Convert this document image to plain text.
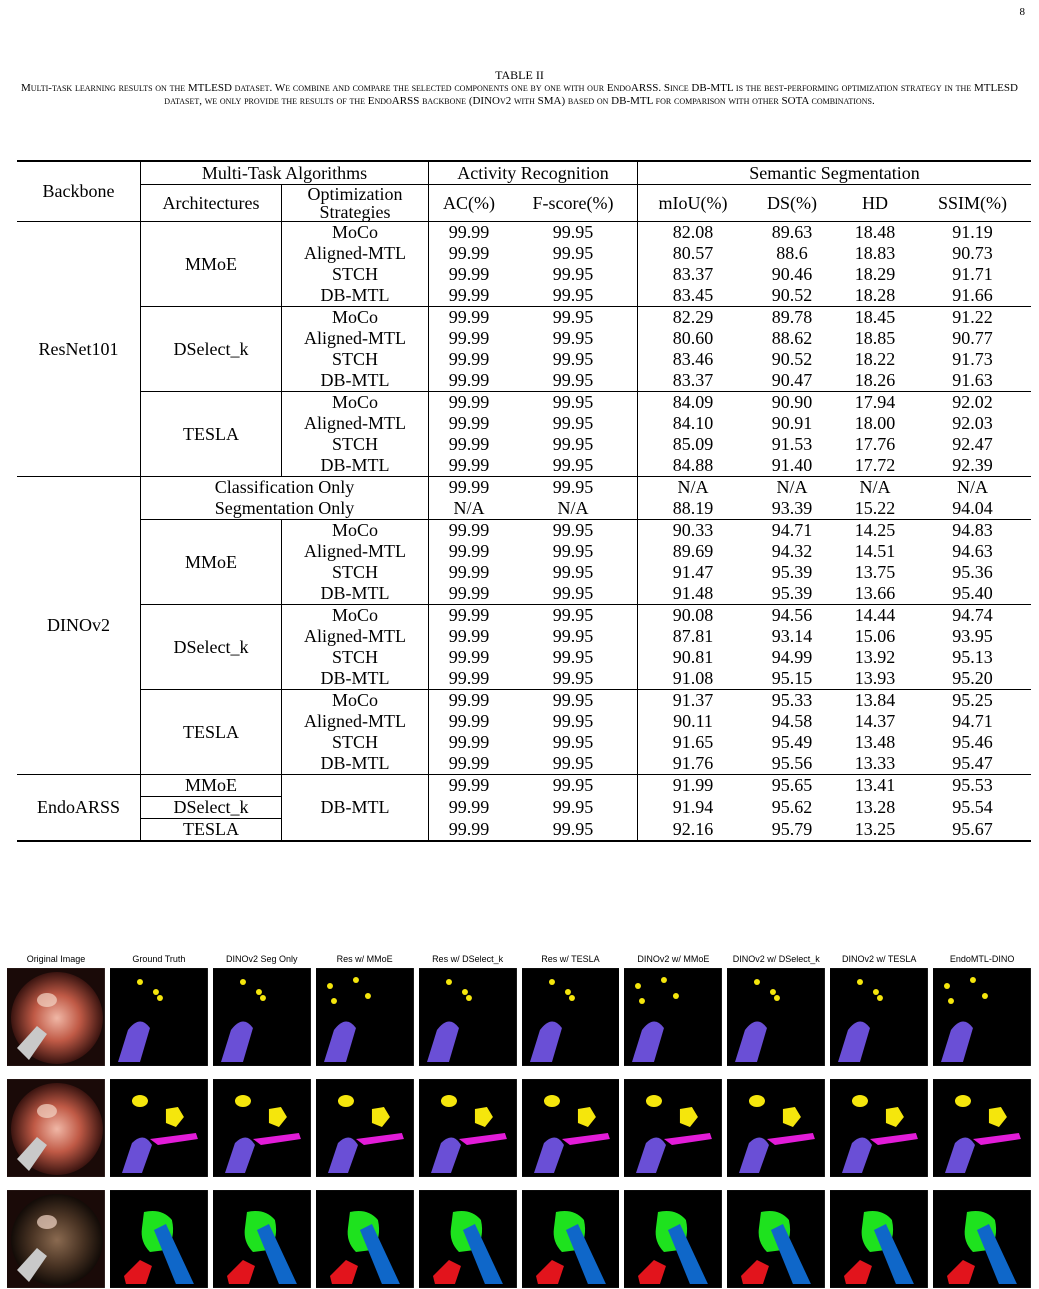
8
TABLE II
Multi-task learning results on the MTLESD dataset. We combine and compare the selected components one by one with our EndoARSS. Since DB-MTL is the best-performing optimization strategy in the MTLESD dataset, we only provide the results of the EndoARSS backbone (DINOv2 with SMA) based on DB-MTL for comparison with other SOTA combinations.
Backbone	Multi-Task Algorithms		Activity Recognition		Semantic Segmentation			
	Architectures	Optimization Strategies	AC(%)	F-score(%)	mIoU(%)	DS(%)	HD	SSIM(%)
ResNet101	MMoE	MoCo	99.99	99.95	82.08	89.63	18.48	91.19
		Aligned-MTL	99.99	99.95	80.57	88.6	18.83	90.73
		STCH	99.99	99.95	83.37	90.46	18.29	91.71
		DB-MTL	99.99	99.95	83.45	90.52	18.28	91.66
	DSelect_k	MoCo	99.99	99.95	82.29	89.78	18.45	91.22
		Aligned-MTL	99.99	99.95	80.60	88.62	18.85	90.77
		STCH	99.99	99.95	83.46	90.52	18.22	91.73
		DB-MTL	99.99	99.95	83.37	90.47	18.26	91.63
	TESLA	MoCo	99.99	99.95	84.09	90.90	17.94	92.02
		Aligned-MTL	99.99	99.95	84.10	90.91	18.00	92.03
		STCH	99.99	99.95	85.09	91.53	17.76	92.47
		DB-MTL	99.99	99.95	84.88	91.40	17.72	92.39
DINOv2	Classification Only		99.99	99.95	N/A	N/A	N/A	N/A
	Segmentation Only		N/A	N/A	88.19	93.39	15.22	94.04
	MMoE	MoCo	99.99	99.95	90.33	94.71	14.25	94.83
		Aligned-MTL	99.99	99.95	89.69	94.32	14.51	94.63
		STCH	99.99	99.95	91.47	95.39	13.75	95.36
		DB-MTL	99.99	99.95	91.48	95.39	13.66	95.40
	DSelect_k	MoCo	99.99	99.95	90.08	94.56	14.44	94.74
		Aligned-MTL	99.99	99.95	87.81	93.14	15.06	93.95
		STCH	99.99	99.95	90.81	94.99	13.92	95.13
		DB-MTL	99.99	99.95	91.08	95.15	13.93	95.20
	TESLA	MoCo	99.99	99.95	91.37	95.33	13.84	95.25
		Aligned-MTL	99.99	99.95	90.11	94.58	14.37	94.71
		STCH	99.99	99.95	91.65	95.49	13.48	95.46
		DB-MTL	99.99	99.95	91.76	95.56	13.33	95.47
EndoARSS	MMoE	DB-MTL	99.99	99.95	91.99	95.65	13.41	95.53
	DSelect_k		99.99	99.95	91.94	95.62	13.28	95.54
	TESLA		99.99	99.95	92.16	95.79	13.25	95.67
Original Image	Ground Truth	DINOv2 Seg Only	Res w/ MMoE	Res w/ DSelect_k	Res w/ TESLA	DINOv2 w/ MMoE	DINOv2 w/ DSelect_k	DINOv2 w/ TESLA	EndoMTL-DINO
